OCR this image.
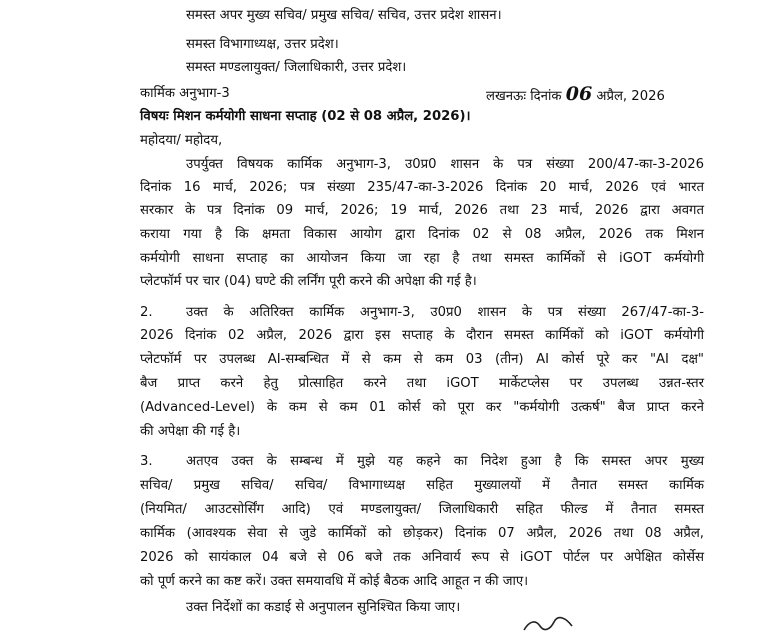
समस्त अपर मुख्य सचिव/ प्रमुख सचिव/ सचिव, उत्तर प्रदेश शासन।
समस्त विभागाध्यक्ष, उत्तर प्रदेश।
समस्त मण्डलायुक्त/ जिलाधिकारी, उत्तर प्रदेश।
कार्मिक अनुभाग-3	लखनऊः दिनांक 06 अप्रैल, 2026
विषयः मिशन कर्मयोगी साधना सप्ताह (02 से 08 अप्रैल, 2026)।
महोदया/ महोदय,
उपर्युक्त विषयक कार्मिक अनुभाग-3, उ0प्र0 शासन के पत्र संख्या 200/47-का-3-2026
दिनांक 16 मार्च, 2026; पत्र संख्या 235/47-का-3-2026 दिनांक 20 मार्च, 2026 एवं भारत
सरकार के पत्र दिनांक 09 मार्च, 2026; 19 मार्च, 2026 तथा 23 मार्च, 2026 द्वारा अवगत
कराया गया है कि क्षमता विकास आयोग द्वारा दिनांक 02 से 08 अप्रैल, 2026 तक मिशन
कर्मयोगी साधना सप्ताह का आयोजन किया जा रहा है तथा समस्त कार्मिकों से iGOT कर्मयोगी
प्लेटफॉर्म पर चार (04) घण्टे की लर्निंग पूरी करने की अपेक्षा की गई है।
2.	उक्त के अतिरिक्त कार्मिक अनुभाग-3, उ0प्र0 शासन के पत्र संख्या 267/47-का-3-
2026 दिनांक 02 अप्रैल, 2026 द्वारा इस सप्ताह के दौरान समस्त कार्मिकों को iGOT कर्मयोगी
प्लेटफॉर्म पर उपलब्ध AI-सम्बन्धित में से कम से कम 03 (तीन) AI कोर्स पूरे कर "AI दक्ष"
बैज प्राप्त करने हेतु प्रोत्साहित करने तथा iGOT मार्केटप्लेस पर उपलब्ध उन्नत-स्तर
(Advanced-Level) के कम से कम 01 कोर्स को पूरा कर "कर्मयोगी उत्कर्ष" बैज प्राप्त करने
की अपेक्षा की गई है।
3.	अतएव उक्त के सम्बन्ध में मुझे यह कहने का निदेश हुआ है कि समस्त अपर मुख्य
सचिव/ प्रमुख सचिव/ सचिव/ विभागाध्यक्ष सहित मुख्यालयों में तैनात समस्त कार्मिक
(नियमित/ आउटसोर्सिंग आदि) एवं मण्डलायुक्त/ जिलाधिकारी सहित फील्ड में तैनात समस्त
कार्मिक (आवश्यक सेवा से जुडे कार्मिकों को छोड़कर) दिनांक 07 अप्रैल, 2026 तथा 08 अप्रैल,
2026 को सायंकाल 04 बजे से 06 बजे तक अनिवार्य रूप से iGOT पोर्टल पर अपेक्षित कोर्सेस
को पूर्ण करने का कष्ट करें। उक्त समयावधि में कोई बैठक आदि आहूत न की जाए।
उक्त निर्देशों का कडाई से अनुपालन सुनिश्चित किया जाए।
